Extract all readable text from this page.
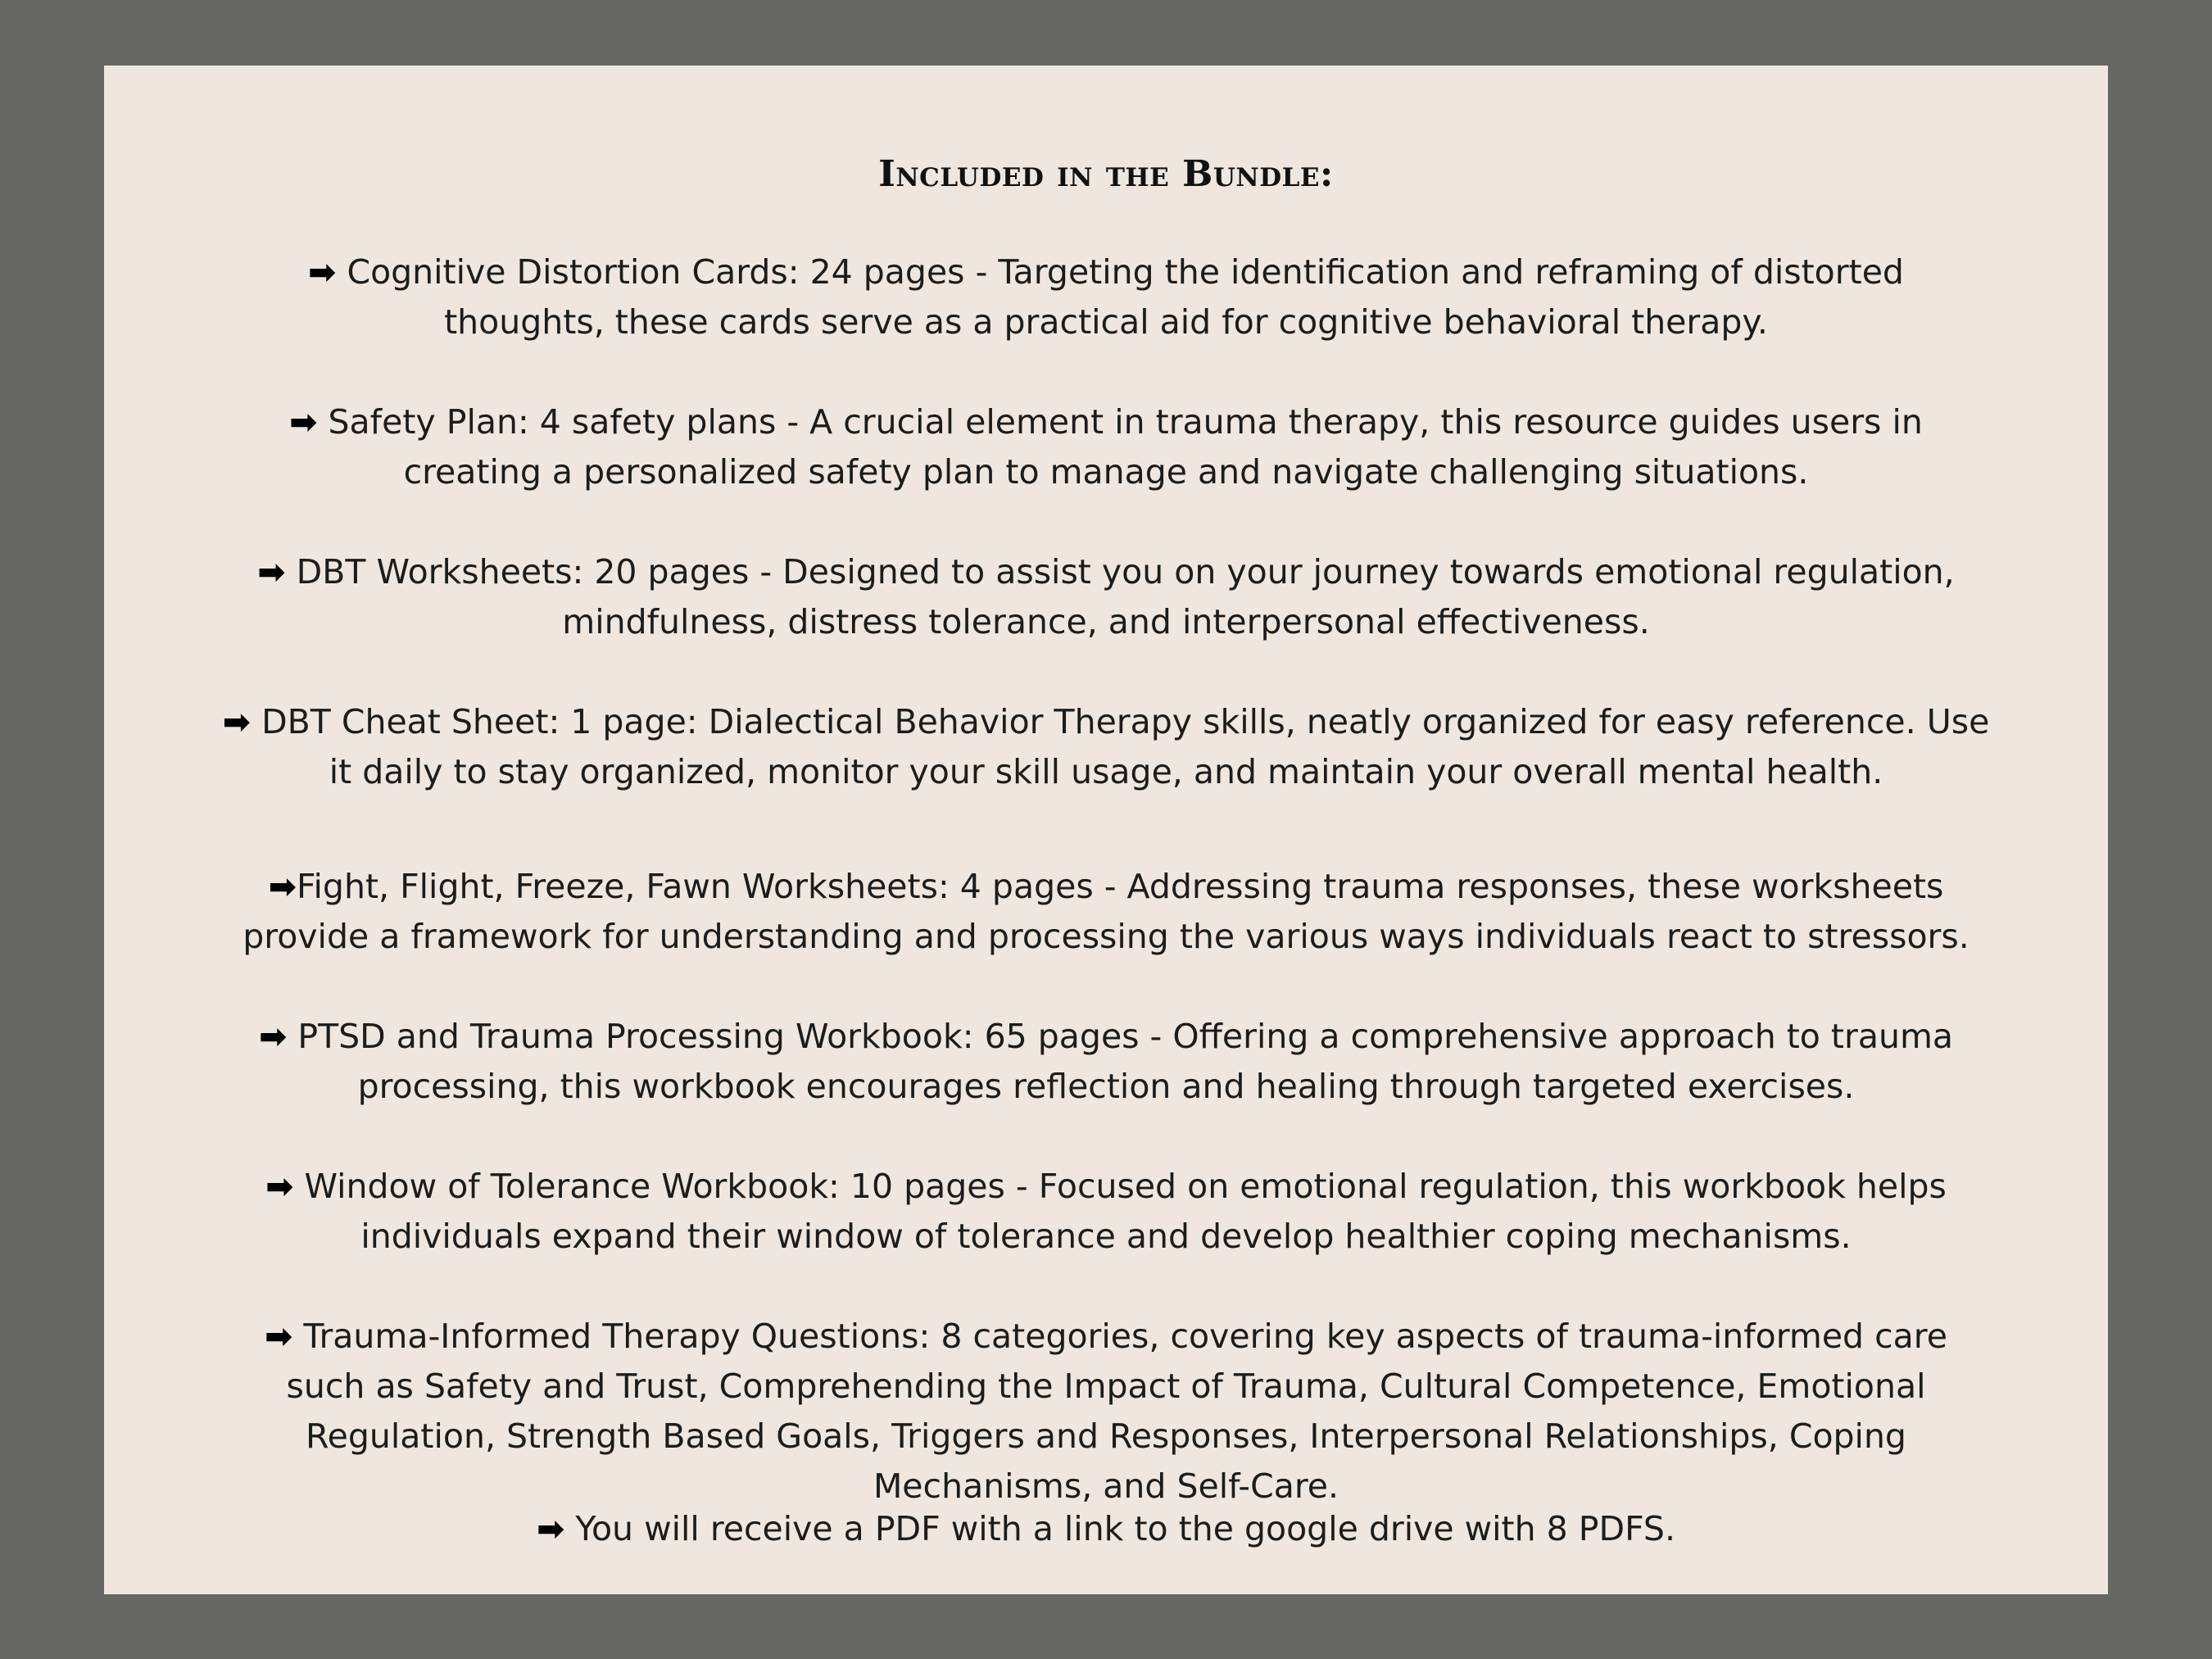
Included in the Bundle:
➡ Cognitive Distortion Cards: 24 pages - Targeting the identification and reframing of distorted
thoughts, these cards serve as a practical aid for cognitive behavioral therapy.
➡ Safety Plan: 4 safety plans - A crucial element in trauma therapy, this resource guides users in
creating a personalized safety plan to manage and navigate challenging situations.
➡ DBT Worksheets: 20 pages - Designed to assist you on your journey towards emotional regulation,
mindfulness, distress tolerance, and interpersonal effectiveness.
➡ DBT Cheat Sheet: 1 page: Dialectical Behavior Therapy skills, neatly organized for easy reference. Use
it daily to stay organized, monitor your skill usage, and maintain your overall mental health.
➡Fight, Flight, Freeze, Fawn Worksheets: 4 pages - Addressing trauma responses, these worksheets
provide a framework for understanding and processing the various ways individuals react to stressors.
➡ PTSD and Trauma Processing Workbook: 65 pages - Offering a comprehensive approach to trauma
processing, this workbook encourages reflection and healing through targeted exercises.
➡ Window of Tolerance Workbook: 10 pages - Focused on emotional regulation, this workbook helps
individuals expand their window of tolerance and develop healthier coping mechanisms.
➡ Trauma-Informed Therapy Questions: 8 categories, covering key aspects of trauma-informed care
such as Safety and Trust, Comprehending the Impact of Trauma, Cultural Competence, Emotional
Regulation, Strength Based Goals, Triggers and Responses, Interpersonal Relationships, Coping
Mechanisms, and Self-Care.
➡ You will receive a PDF with a link to the google drive with 8 PDFS.
